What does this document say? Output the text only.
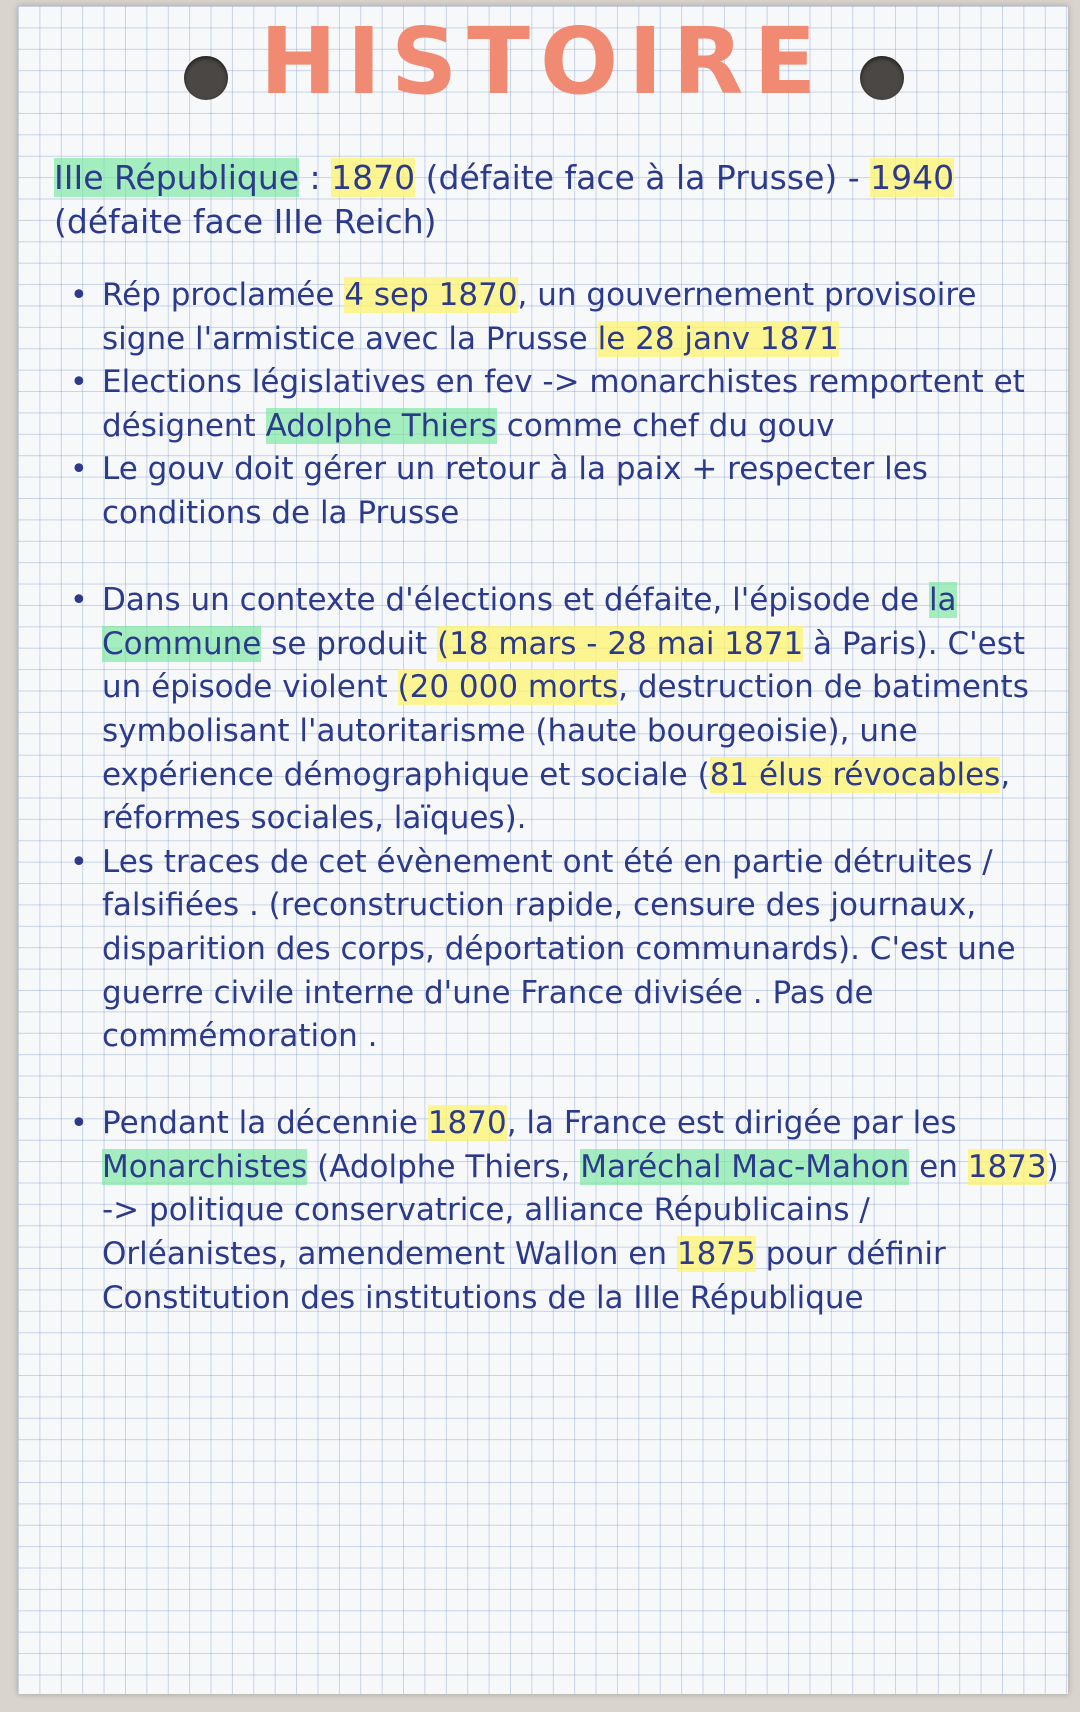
HISTOIRE
IIIe République : 1870 (défaite face à la Prusse) - 1940 (défaite face IIIe Reich)

• Rép proclamée 4 sep 1870, un gouvernement provisoire signe l'armistice avec la Prusse le 28 janv 1871

• Elections législatives en fev -> monarchistes remportent et désignent Adolphe Thiers comme chef du gouv

• Le gouv doit gérer un retour à la paix + respecter les conditions de la Prusse

• Dans un contexte d'élections et défaite, l'épisode de la Commune se produit (18 mars - 28 mai 1871 à Paris). C'est un épisode violent (20 000 morts, destruction de batiments symbolisant l'autoritarisme (haute bourgeoisie), une expérience démographique et sociale (81 élus révocables, réformes sociales, laïques).

• Les traces de cet évènement ont été en partie détruites / falsifiées . (reconstruction rapide, censure des journaux, disparition des corps, déportation communards). C'est une guerre civile interne d'une France divisée . Pas de commémoration .

• Pendant la décennie 1870, la France est dirigée par les Monarchistes (Adolphe Thiers, Maréchal Mac-Mahon en 1873) -> politique conservatrice, alliance Républicains / Orléanistes, amendement Wallon en 1875 pour définir Constitution des institutions de la IIIe République
